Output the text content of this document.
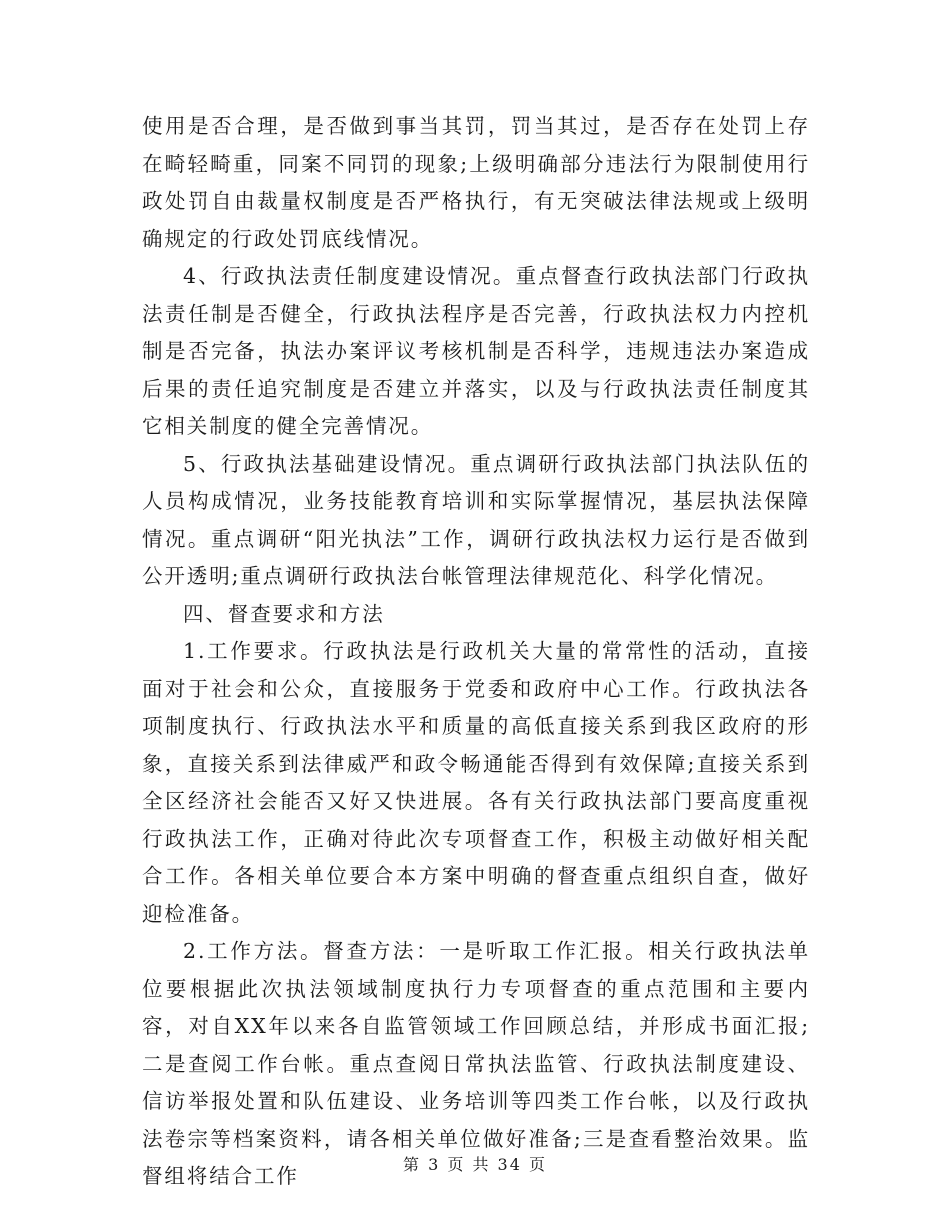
使用是否合理，是否做到事当其罚，罚当其过，是否存在处罚上存在畸轻畸重，同案不同罚的现象;上级明确部分违法行为限制使用行政处罚自由裁量权制度是否严格执行，有无突破法律法规或上级明确规定的行政处罚底线情况。

4、行政执法责任制度建设情况。重点督查行政执法部门行政执法责任制是否健全，行政执法程序是否完善，行政执法权力内控机制是否完备，执法办案评议考核机制是否科学，违规违法办案造成后果的责任追究制度是否建立并落实，以及与行政执法责任制度其它相关制度的健全完善情况。

5、行政执法基础建设情况。重点调研行政执法部门执法队伍的人员构成情况，业务技能教育培训和实际掌握情况，基层执法保障情况。重点调研“阳光执法”工作，调研行政执法权力运行是否做到公开透明;重点调研行政执法台帐管理法律规范化、科学化情况。

四、督查要求和方法

1.工作要求。行政执法是行政机关大量的常常性的活动，直接面对于社会和公众，直接服务于党委和政府中心工作。行政执法各项制度执行、行政执法水平和质量的高低直接关系到我区政府的形象，直接关系到法律威严和政令畅通能否得到有效保障;直接关系到全区经济社会能否又好又快进展。各有关行政执法部门要高度重视行政执法工作，正确对待此次专项督查工作，积极主动做好相关配合工作。各相关单位要合本方案中明确的督查重点组织自查，做好迎检准备。

2.工作方法。督查方法：一是听取工作汇报。相关行政执法单位要根据此次执法领域制度执行力专项督查的重点范围和主要内容，对自XX年以来各自监管领域工作回顾总结，并形成书面汇报;二是查阅工作台帐。重点查阅日常执法监管、行政执法制度建设、信访举报处置和队伍建设、业务培训等四类工作台帐，以及行政执法卷宗等档案资料，请各相关单位做好准备;三是查看整治效果。监督组将结合工作	第 3 页 共 34 页
